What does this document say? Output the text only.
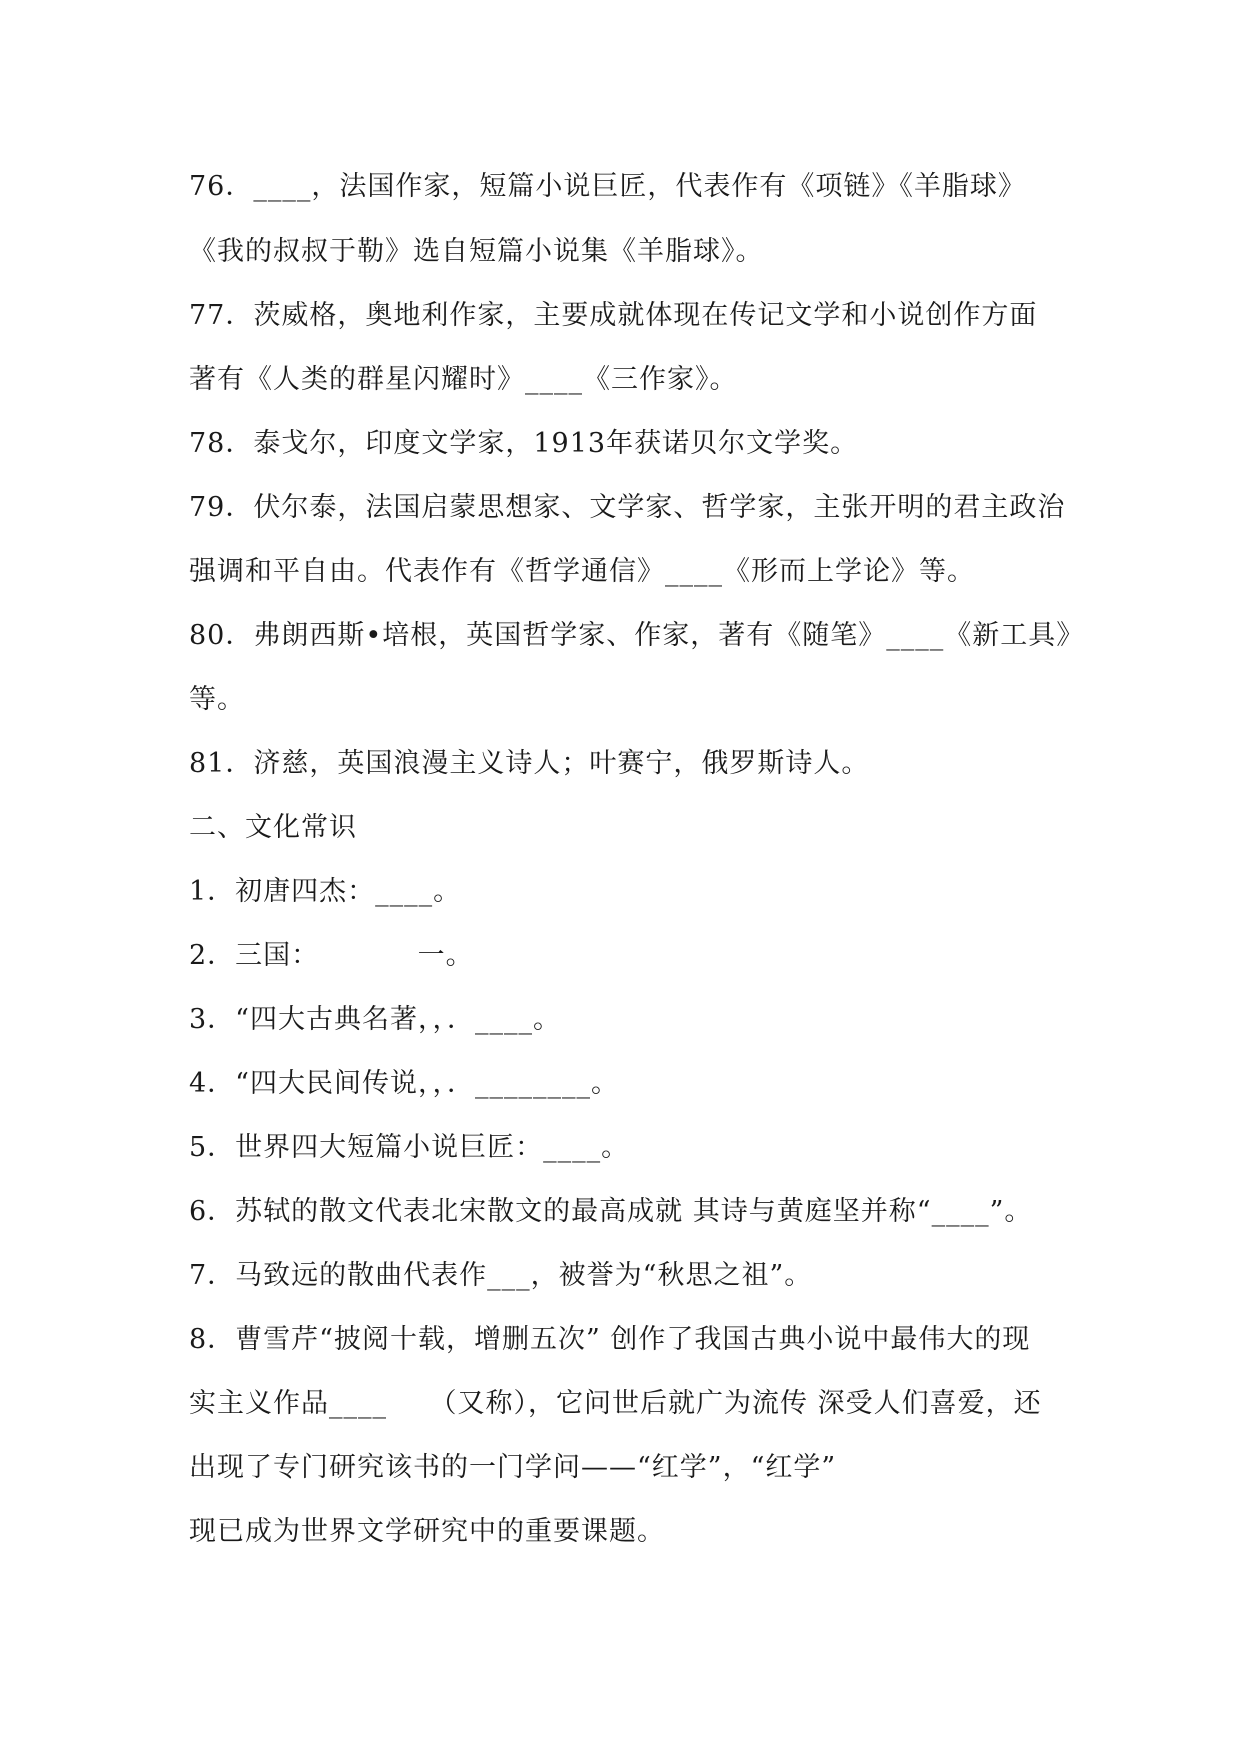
76．____，法国作家，短篇小说巨匠，代表作有《项链》《羊脂球》
《我的叔叔于勒》选自短篇小说集《羊脂球》。
77．茨威格，奥地利作家，主要成就体现在传记文学和小说创作方面
著有《人类的群星闪耀时》____《三作家》。
78．泰戈尔，印度文学家，1913年获诺贝尔文学奖。
79．伏尔泰，法国启蒙思想家、文学家、哲学家，主张开明的君主政治
强调和平自由。代表作有《哲学通信》____《形而上学论》等。
80．弗朗西斯•培根，英国哲学家、作家，著有《随笔》____《新工具》
等。
81．济慈，英国浪漫主义诗人；叶赛宁，俄罗斯诗人。
二、文化常识
1．初唐四杰：____。
2．三国：　　　　一。
3．“四大古典名著，，．____。
4．“四大民间传说，，．________。
5．世界四大短篇小说巨匠：____。
6．苏轼的散文代表北宋散文的最高成就 其诗与黄庭坚并称“____”。
7．马致远的散曲代表作___，被誉为“秋思之祖”。
8．曹雪芹“披阅十载，增删五次” 创作了我国古典小说中最伟大的现
实主义作品____　　（又称），它问世后就广为流传 深受人们喜爱，还
出现了专门研究该书的一门学问——“红学”，“红学”
现已成为世界文学研究中的重要课题。
